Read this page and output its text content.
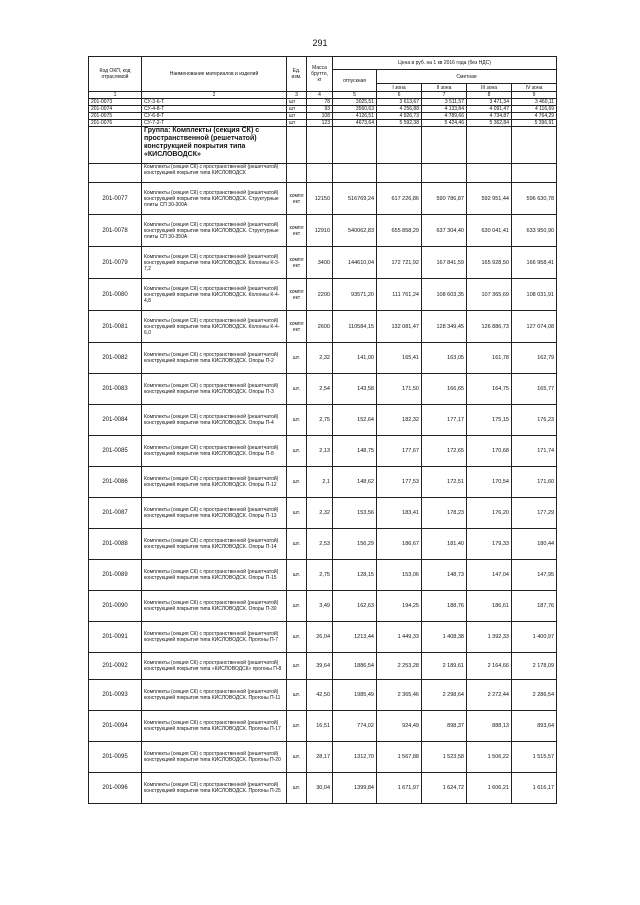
291
Код ОКП, код отраслевой	Наименование материалов и изделий	Ед. изм.	Масса брутто, кг	Цена в руб. на 1 кв 2016 года (без НДС)				
				отпускная	Сметная			
					I зона	II зона	III зона	IV зона
1	2	3	4	5	6	7	8	9
201-0073	СУ-3-6-Т	шт	78	3025,51	3 613,67	3 511,57	3 471,34	3 460,11
201-0074	СУ-4-8-Т	шт	93	3560,63	4 256,88	4 133,84	4 091,47	4 116,69
201-0075	СУ-6-8-Т	шт	108	4126,51	4 926,73	4 789,66	4 734,87	4 764,29
201-0076	СУ-7-2-Т	шт	123	4673,64	5 592,38	5 424,46	5 362,84	5 396,91
	Группа: Комплекты (секция СК) с пространственной (решетчатой) конструкцией покрытия типа «КИСЛОВОДСК»							
	Комплекты (секция СК) с пространственной (решетчатой) конструкцией покрытия типа КИСЛОВОДСК							
201-0077	Комплекты (секция СК) с пространственной (решетчатой) конструкцией покрытия типа КИСЛОВОДСК. Структурные плиты СП 30-300А	компл ект	12150	516769,24	617 226,86	590 786,87	592 951,44	596 630,78
201-0078	Комплекты (секция СК) с пространственной (решетчатой) конструкцией покрытия типа КИСЛОВОДСК. Структурные плиты СП 30-350А	компл ект	12910	540062,83	655 858,29	637 304,40	630 041,41	633 950,90
201-0079	Комплекты (секция СК) с пространственной (решетчатой) конструкцией покрытия типа КИСЛОВОДСК. Колонны К-3-7,2	компл ект	3400	144610,04	172 721,92	167 841,59	165 928,50	166 958,41
201-0080	Комплекты (секция СК) с пространственной (решетчатой) конструкцией покрытия типа КИСЛОВОДСК. Колонны К-4-4,8	компл ект	2200	93571,20	111 761,24	108 603,35	107 365,69	108 031,91
201-0081	Комплекты (секция СК) с пространственной (решетчатой) конструкцией покрытия типа КИСЛОВОДСК. Колонны К-4-6,0	компл ект	2600	110584,15	132 081,47	128 349,45	126 886,73	127 074,08
201-0082	Комплекты (секция СК) с пространственной (решетчатой) конструкцией покрытия типа КИСЛОВОДСК. Опоры П-2	шт.	2,32	141,00	165,41	163,05	161,78	162,79
201-0083	Комплекты (секция СК) с пространственной (решетчатой) конструкцией покрытия типа КИСЛОВОДСК. Опоры П-3	шт.	2,54	143,58	171,50	166,65	164,75	165,77
201-0084	Комплекты (секция СК) с пространственной (решетчатой) конструкцией покрытия типа КИСЛОВОДСК. Опоры П-4	шт.	2,75	152,64	182,32	177,17	175,15	176,23
201-0085	Комплекты (секция СК) с пространственной (решетчатой) конструкцией покрытия типа КИСЛОВОДСК. Опоры П-8	шт.	2,13	148,75	177,67	172,65	170,68	171,74
201-0086	Комплекты (секция СК) с пространственной (решетчатой) конструкцией покрытия типа КИСЛОВОДСК. Опоры П-12	шт.	2,1	148,62	177,53	172,51	170,54	171,60
201-0087	Комплекты (секция СК) с пространственной (решетчатой) конструкцией покрытия типа КИСЛОВОДСК. Опоры П-13	шт.	2,32	153,56	183,41	178,23	176,20	177,29
201-0088	Комплекты (секция СК) с пространственной (решетчатой) конструкцией покрытия типа КИСЛОВОДСК. Опоры П-14	шт.	2,53	156,29	186,67	181,40	179,33	180,44
201-0089	Комплекты (секция СК) с пространственной (решетчатой) конструкцией покрытия типа КИСЛОВОДСК. Опоры П-15	шт.	2,75	128,15	153,06	148,73	147,04	147,95
201-0090	Комплекты (секция СК) с пространственной (решетчатой) конструкцией покрытия типа КИСЛОВОДСК. Опоры П-30	шт.	3,49	162,63	194,25	188,76	186,61	187,76
201-0091	Комплекты (секция СК) с пространственной (решетчатой) конструкцией покрытия типа КИСЛОВОДСК. Прогоны П-7	шт.	26,04	1213,44	1 449,33	1 408,38	1 392,33	1 400,97
201-0092	Комплекты (секция СК) с пространственной (решетчатой) конструкцией покрытия типа «КИСЛОВОДСК» прогоны П-8	шт.	39,64	1886,54	2 253,28	2 189,61	2 164,66	2 178,09
201-0093	Комплекты (секция СК) с пространственной (решетчатой) конструкцией покрытия типа КИСЛОВОДСК. Прогоны П-11	шт.	42,50	1985,49	2 365,46	2 298,64	2 272,44	2 286,54
201-0094	Комплекты (секция СК) с пространственной (решетчатой) конструкцией покрытия типа КИСЛОВОДСК. Прогоны П-17	шт.	16,51	774,02	924,49	898,37	888,13	893,64
201-0095	Комплекты (секция СК) с пространственной (решетчатой) конструкцией покрытия типа КИСЛОВОДСК. Прогоны П-20	шт.	28,17	1312,70	1 567,88	1 523,58	1 506,22	1 515,57
201-0096	Комплекты (секция СК) с пространственной (решетчатой) конструкцией покрытия типа КИСЛОВОДСК. Прогоны П-25	шт.	30,04	1399,84	1 671,97	1 624,72	1 606,21	1 616,17
